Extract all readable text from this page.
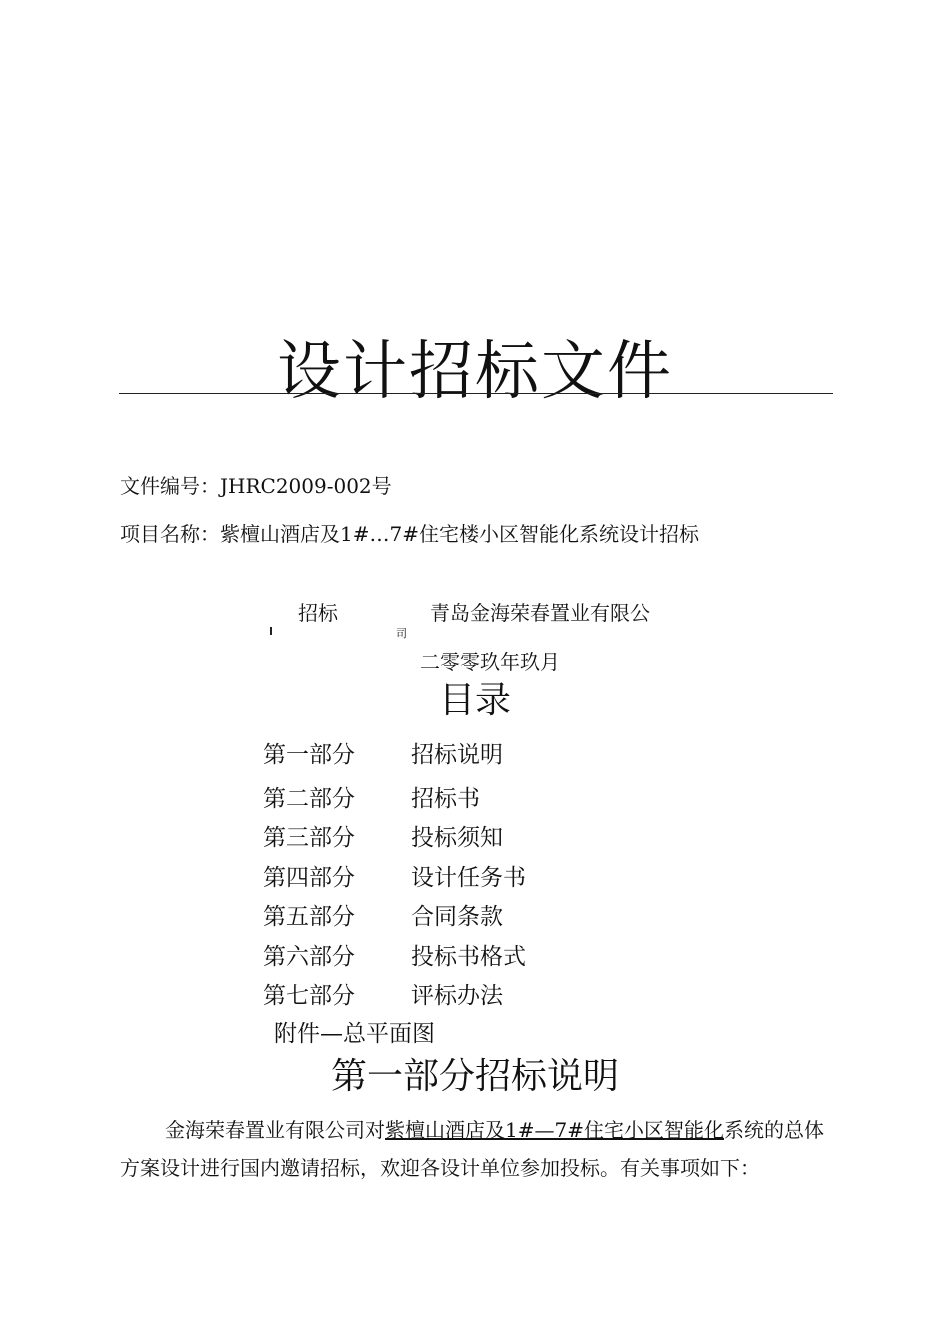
设计招标文件
文件编号：JHRC2009-002号
项目名称：紫檀山酒店及1#…7#住宅楼小区智能化系统设计招标
招标	青岛金海荣春置业有限公
司
二零零玖年玖月
目录
第一部分	招标说明
第二部分	招标书
第三部分	投标须知
第四部分	设计任务书
第五部分	合同条款
第六部分	投标书格式
第七部分	评标办法
附件—总平面图
第一部分招标说明
金海荣春置业有限公司对紫檀山酒店及1#—7#住宅小区智能化系统的总体方案设计进行国内邀请招标，欢迎各设计单位参加投标。有关事项如下：
